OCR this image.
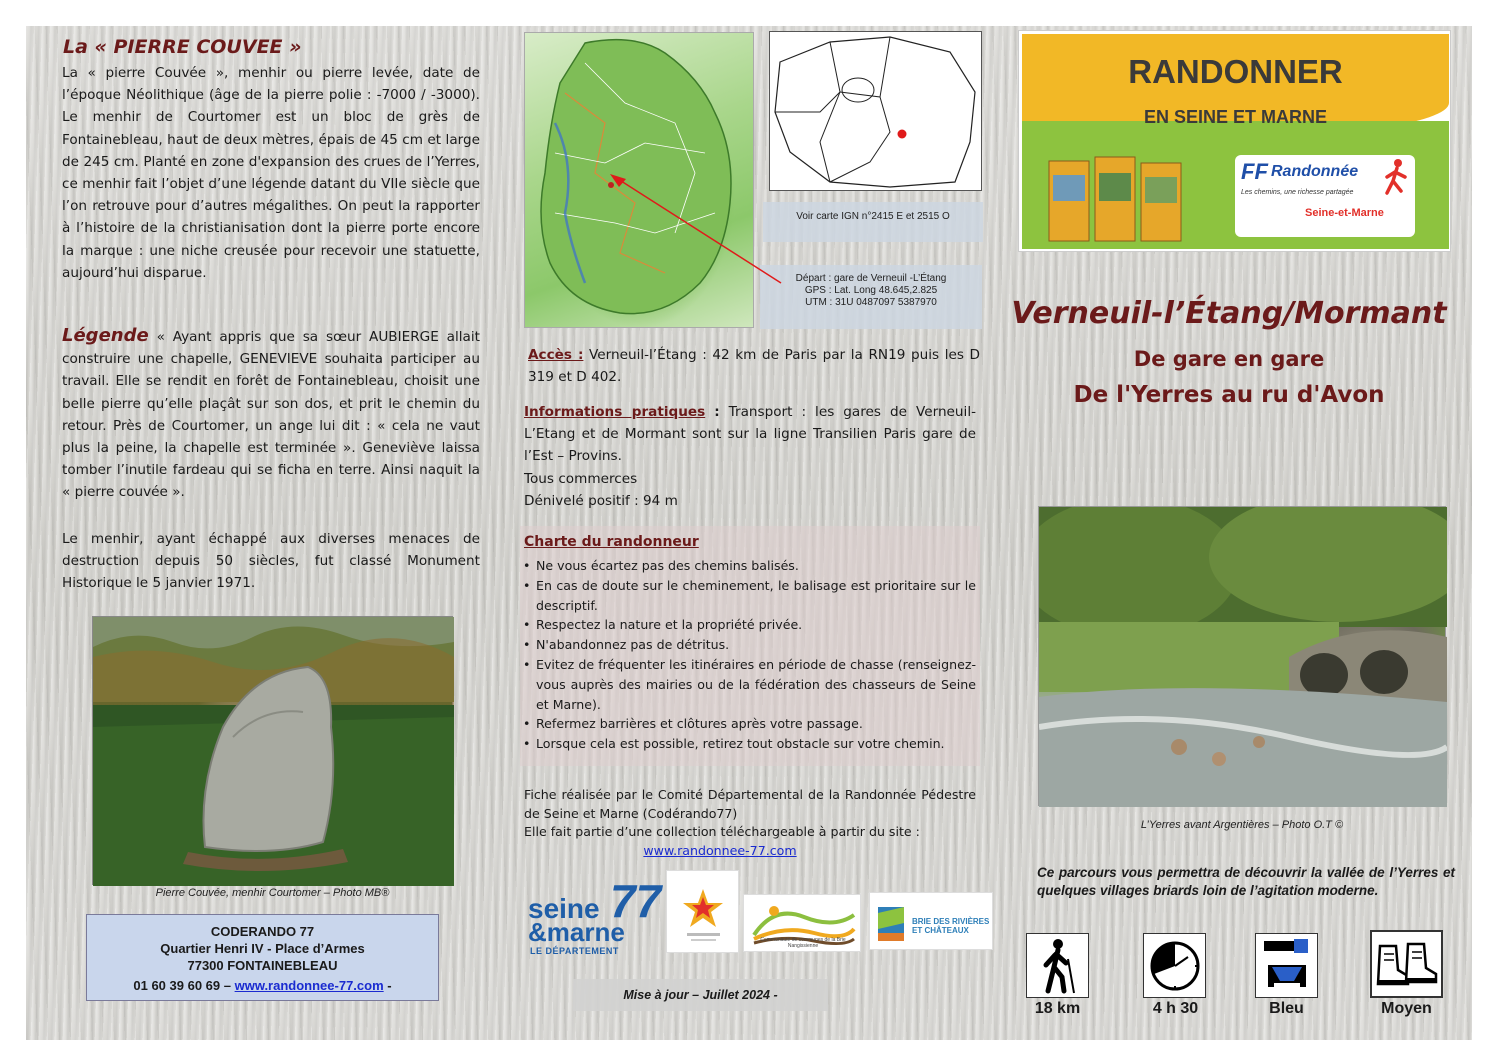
La « PIERRE COUVEE »

La « pierre Couvée », menhir ou pierre levée, date de l’époque Néolithique (âge de la pierre polie : -7000 / -3000). Le menhir de Courtomer est un bloc de grès de Fontainebleau, haut de deux mètres, épais de 45 cm et large de 245 cm. Planté en zone d'expansion des crues de l’Yerres, ce menhir fait l’objet d’une légende datant du VIIe siècle que l’on retrouve pour d’autres mégalithes. On peut la rapporter à l’histoire de la christianisation dont la pierre porte encore la marque : une niche creusée pour recevoir une statuette, aujourd’hui disparue.

Légende « Ayant appris que sa sœur AUBIERGE allait construire une chapelle, GENEVIEVE souhaita participer au travail. Elle se rendit en forêt de Fontainebleau, choisit une belle pierre qu’elle plaçât sur son dos, et prit le chemin du retour. Près de Courtomer, un ange lui dit : « cela ne vaut plus la peine, la chapelle est terminée ». Geneviève laissa tomber l’inutile fardeau qui se ficha en terre. Ainsi naquit la « pierre couvée ».

Le menhir, ayant échappé aux diverses menaces de destruction depuis 50 siècles, fut classé Monument Historique le 5 janvier 1971.

Pierre Couvée, menhir Courtomer – Photo MB®
CODERANDO 77
Quartier Henri IV - Place d’Armes
77300 FONTAINEBLEAU
01 60 39 60 69 – www.randonnee-77.com -
Voir carte IGN n°2415 E et 2515 O
Départ : gare de Verneuil -L’Étang
GPS : Lat. Long 48.645,2.825
UTM : 31U 0487097 5387970
Accès : Verneuil-l’Étang : 42 km de Paris par la RN19 puis les D 319 et D 402.

Informations pratiques : Transport : les gares de Verneuil-L’Etang et de Mormant sont sur la ligne Transilien Paris gare de l’Est – Provins.

Tous commerces

Dénivelé positif : 94 m

Charte du randonneur
• Ne vous écartez pas des chemins balisés.
• En cas de doute sur le cheminement, le balisage est prioritaire sur le descriptif.
• Respectez la nature et la propriété privée.
• N'abandonnez pas de détritus.
• Evitez de fréquenter les itinéraires en période de chasse (renseignez-vous auprès des mairies ou de la fédération des chasseurs de Seine et Marne).
• Refermez barrières et clôtures après votre passage.
• Lorsque cela est possible, retirez tout obstacle sur votre chemin.

Fiche réalisée par le Comité Départemental de la Randonnée Pédestre de Seine et Marne (Codérando77)

Elle fait partie d’une collection téléchargeable à partir du site :

www.randonnee-77.com

seine
&marne
77
LE DÉPARTEMENT
Communauté de communes de la Brie Nangissienne
BRIE DES RIVIÈRES ET CHÂTEAUX
Mise à jour – Juillet 2024 -
RANDONNER
EN SEINE ET MARNE
FF Randonnée
Les chemins, une richesse partagée
Seine-et-Marne
Verneuil-l’Étang/Mormant
De gare en gare
De l'Yerres au ru d'Avon
L’Yerres avant Argentières – Photo O.T ©

Ce parcours vous permettra de découvrir la vallée de l’Yerres et quelques villages briards loin de l’agitation moderne.

18 km	4 h 30	Bleu	Moyen
